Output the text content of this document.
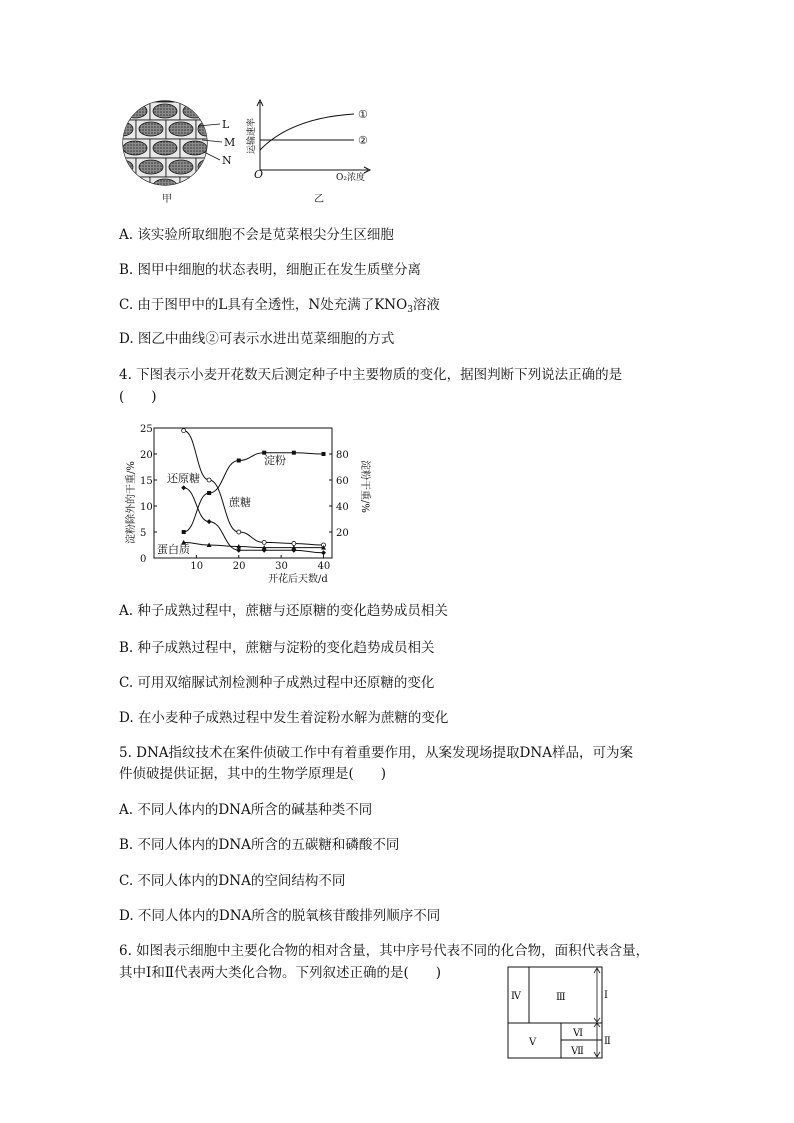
L
M
N
甲
运输速率
①
②
O	O₂浓度
乙
A. 该实验所取细胞不会是苋菜根尖分生区细胞
B. 图甲中细胞的状态表明，细胞正在发生质壁分离
C. 由于图甲中的L具有全透性，N处充满了$KNO_3$溶液
D. 图乙中曲线②可表示水进出苋菜细胞的方式
4. 下图表示小麦开花数天后测定种子中主要物质的变化，据图判断下列说法正确的是
(　　)
10	20	30	40
0
5
10
15
20
25
20
40
60
80
淀粉除外的干重/%	淀粉干重/%
开花后天数/d
淀粉
蔗糖
还原糖
蛋白质
A. 种子成熟过程中，蔗糖与还原糖的变化趋势成员相关
B. 种子成熟过程中，蔗糖与淀粉的变化趋势成员相关
C. 可用双缩脲试剂检测种子成熟过程中还原糖的变化
D. 在小麦种子成熟过程中发生着淀粉水解为蔗糖的变化
5. DNA指纹技术在案件侦破工作中有着重要作用，从案发现场提取DNA样品，可为案
件侦破提供证据，其中的生物学原理是(　　)
A. 不同人体内的DNA所含的碱基种类不同
B. 不同人体内的DNA所含的五碳糖和磷酸不同
C. 不同人体内的DNA的空间结构不同
D. 不同人体内的DNA所含的脱氧核苷酸排列顺序不同
6. 如图表示细胞中主要化合物的相对含量，其中序号代表不同的化合物，面积代表含量，
其中Ⅰ和Ⅱ代表两大类化合物。下列叙述正确的是(　　)
Ⅳ	Ⅲ
Ⅴ
Ⅵ
Ⅶ
Ⅰ
Ⅱ
